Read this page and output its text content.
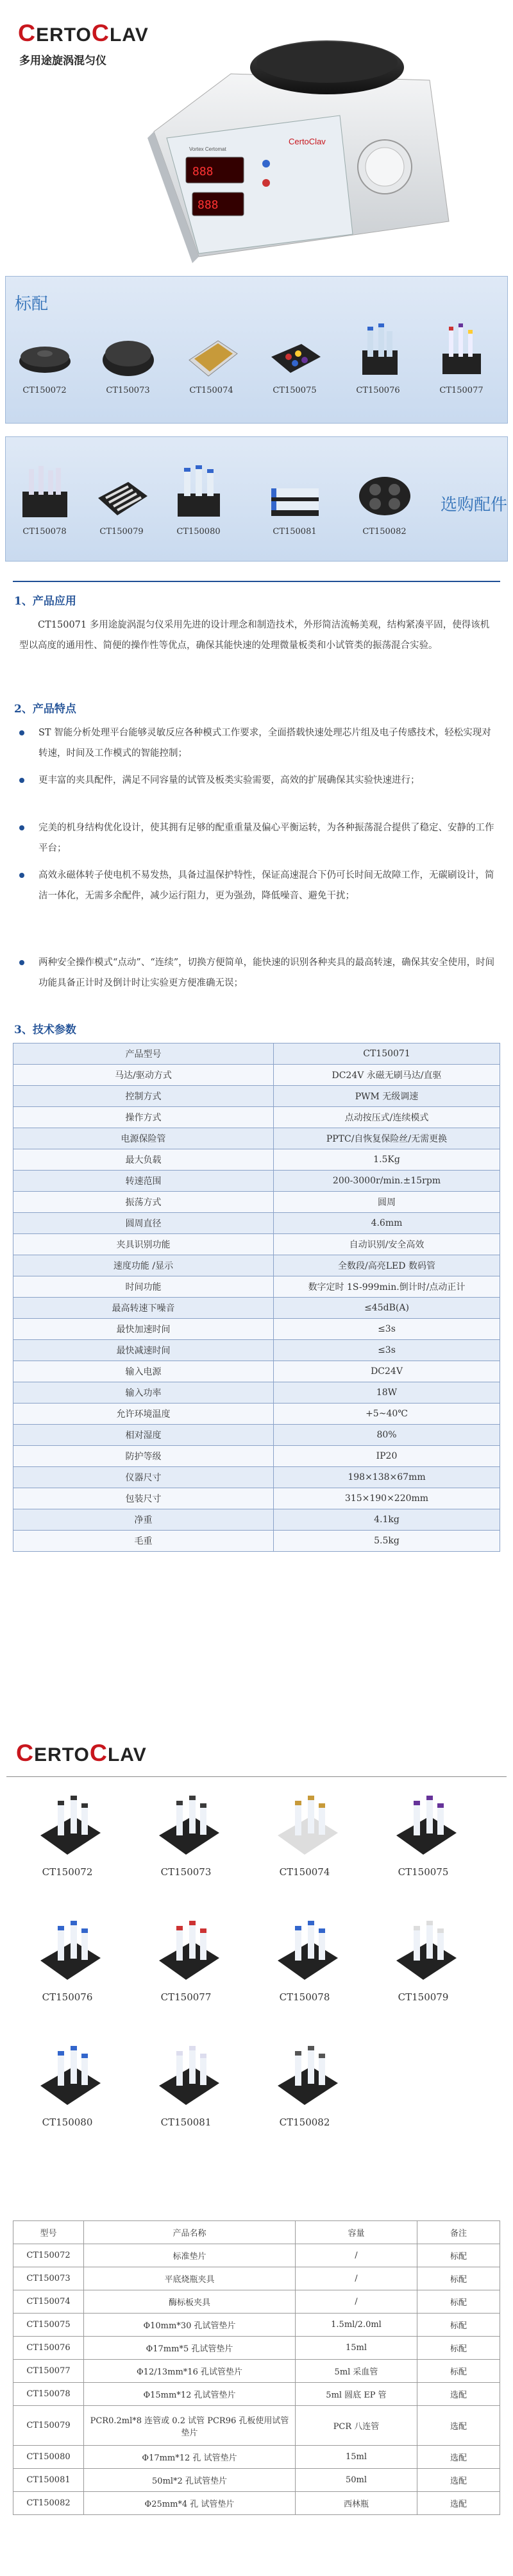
CERTOCLAV
多用途旋涡混匀仪
888
888
CertoClav
Vortex Certomat
标配
CT150072	CT150073	CT150074	CT150075	CT150076	CT150077
选购配件
CT150078	CT150079	CT150080	CT150081	CT150082
1、产品应用
CT150071 多用途旋涡混匀仪采用先进的设计理念和制造技术，外形简洁流畅美观，结构紧凑平固，使得该机型以高度的通用性、简便的操作性等优点，确保其能快速的处理微量板类和小试管类的振荡混合实验。
2、产品特点
ST 智能分析处理平台能够灵敏反应各种模式工作要求，全面搭载快速处理芯片组及电子传感技术，轻松实现对转速，时间及工作模式的智能控制；
更丰富的夹具配件，满足不同容量的试管及板类实验需要，高效的扩展确保其实验快速进行；
完美的机身结构优化设计，使其拥有足够的配重重量及偏心平衡运转，为各种振荡混合提供了稳定、安静的工作平台；
高效永磁体转子使电机不易发热，具备过温保护特性，保证高速混合下仍可长时间无故障工作，无碳刷设计，简洁一体化，无需多余配件，减少运行阻力，更为强劲，降低噪音、避免干扰；
两种安全操作模式“点动”、“连续”，切换方便简单，能快速的识别各种夹具的最高转速，确保其安全使用，时间功能具备正计时及倒计时让实验更方便准确无误；
3、技术参数
产品型号	CT150071
马达/驱动方式	DC24V 永磁无刷马达/直驱
控制方式	PWM 无级调速
操作方式	点动按压式/连续模式
电源保险管	PPTC/自恢复保险丝/无需更换
最大负载	1.5Kg
转速范围	200-3000r/min.±15rpm
振荡方式	圆周
圆周直径	4.6mm
夹具识别功能	自动识别/安全高效
速度功能 /显示	全数段/高亮LED 数码管
时间功能	数字定时 1S-999min.倒计时/点动正计
最高转速下噪音	≤45dB(A)
最快加速时间	≤3s
最快减速时间	≤3s
输入电源	DC24V
输入功率	18W
允许环境温度	+5~40℃
相对湿度	80%
防护等级	IP20
仪器尺寸	198×138×67mm
包装尺寸	315×190×220mm
净重	4.1kg
毛重	5.5kg
CERTOCLAV
CT150072	CT150073	CT150074	CT150075
CT150076	CT150077	CT150078	CT150079
CT150080	CT150081	CT150082
型号	产品名称	容量	备注
CT150072	标准垫片	/	标配
CT150073	平底烧瓶夹具	/	标配
CT150074	酶标板夹具	/	标配
CT150075	Φ10mm*30 孔试管垫片	1.5ml/2.0ml	标配
CT150076	Φ17mm*5 孔试管垫片	15ml	标配
CT150077	Φ12/13mm*16 孔试管垫片	5ml 采血管	标配
CT150078	Φ15mm*12 孔试管垫片	5ml 圆底 EP 管	选配
CT150079	PCR0.2ml*8 连管或 0.2 试管 PCR96 孔板使用试管垫片	PCR 八连管	选配
CT150080	Φ17mm*12 孔 试管垫片	15ml	选配
CT150081	50ml*2 孔试管垫片	50ml	选配
CT150082	Φ25mm*4 孔 试管垫片	西林瓶	选配
